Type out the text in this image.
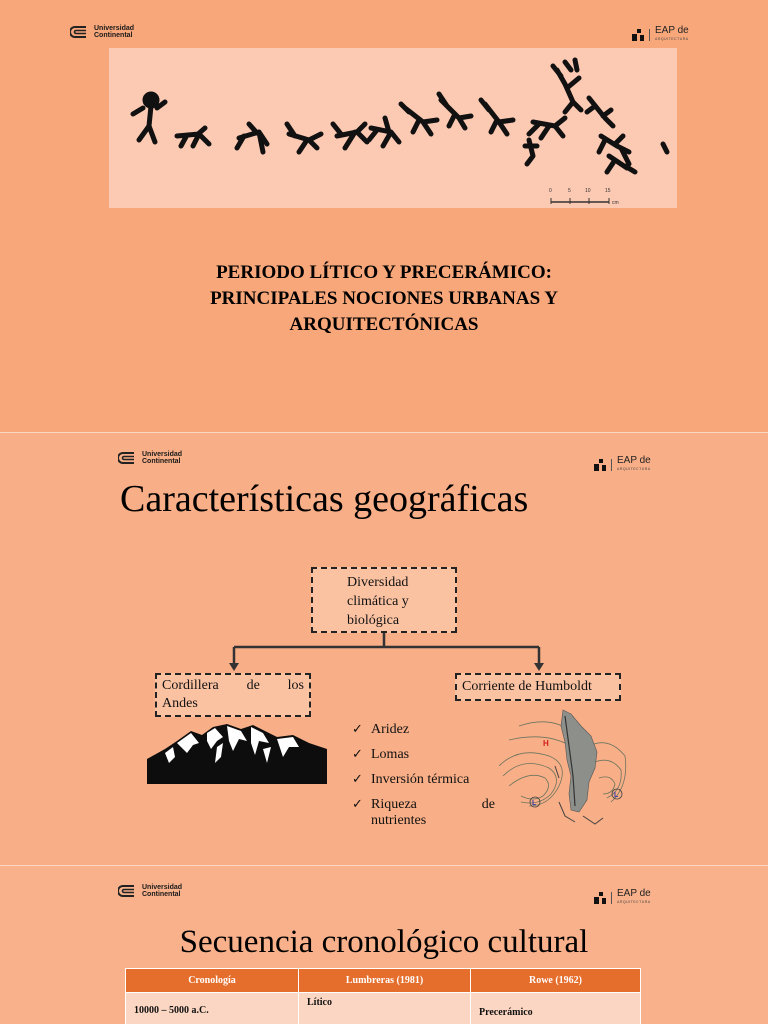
Universidad
Continental	EAP de
ARQUITECTURA
0	5	10	15
cm
PERIODO LÍTICO Y PRECERÁMICO:
PRINCIPALES NOCIONES URBANAS Y
ARQUITECTÓNICAS
Universidad
Continental	EAP de
ARQUITECTURA
Características geográficas
Diversidad
climática y
biológica
Cordillera de los
Andes
Corriente de Humboldt
✓ Aridez
✓ Lomas
✓ Inversión térmica
✓ Riqueza	de
nutrientes
H
L
L
Universidad
Continental	EAP de
ARQUITECTURA
Secuencia cronológico cultural
Cronología	Lumbreras (1981)	Rowe (1962)
10000 – 5000 a.C.	Lítico	Precerámico
